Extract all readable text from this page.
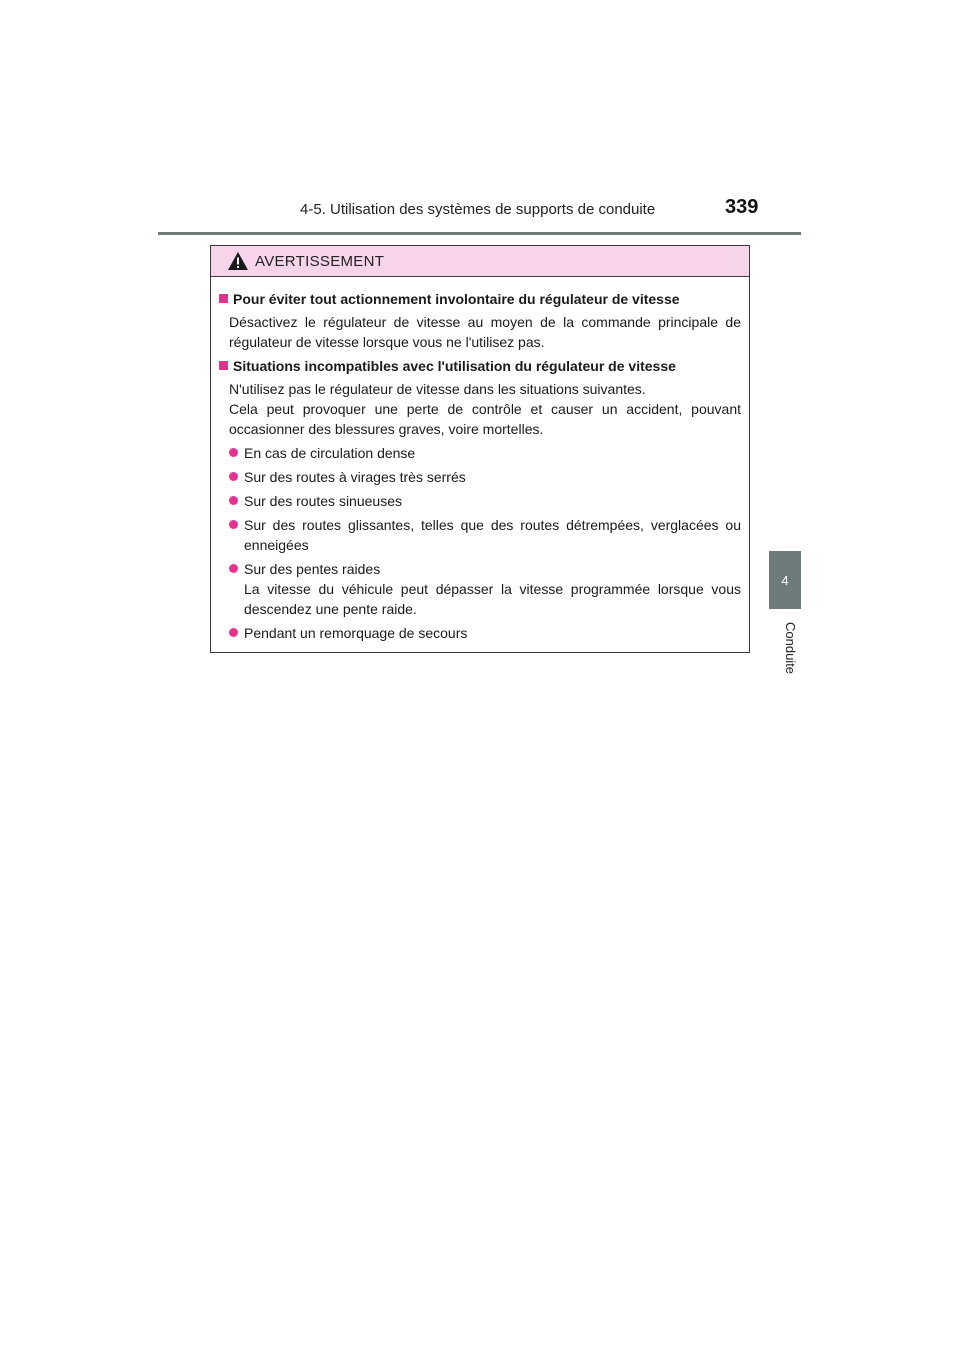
4-5. Utilisation des systèmes de supports de conduite	339
4
Conduite
AVERTISSEMENT
Pour éviter tout actionnement involontaire du régulateur de vitesse
Désactivez le régulateur de vitesse au moyen de la commande principale de régulateur de vitesse lorsque vous ne l'utilisez pas.
Situations incompatibles avec l'utilisation du régulateur de vitesse
N'utilisez pas le régulateur de vitesse dans les situations suivantes.
Cela peut provoquer une perte de contrôle et causer un accident, pouvant occasionner des blessures graves, voire mortelles.
En cas de circulation dense
Sur des routes à virages très serrés
Sur des routes sinueuses
Sur des routes glissantes, telles que des routes détrempées, verglacées ou enneigées
Sur des pentes raides
La vitesse du véhicule peut dépasser la vitesse programmée lorsque vous descendez une pente raide.
Pendant un remorquage de secours
